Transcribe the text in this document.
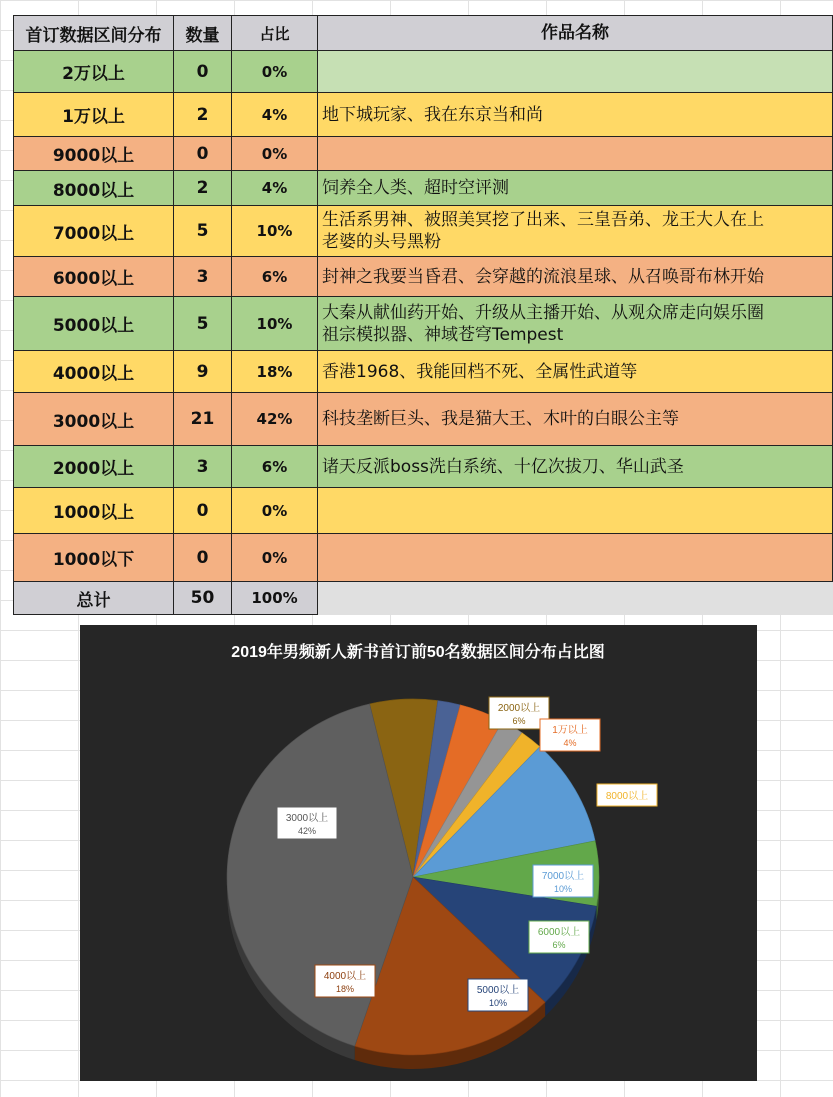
首订数据区间分布	数量	占比	作品名称
2万以上	0	0%	
1万以上	2	4%	地下城玩家、我在东京当和尚
9000以上	0	0%	
8000以上	2	4%	饲养全人类、超时空评测
7000以上	5	10%	生活系男神、被照美冥挖了出来、三皇吾弟、龙王大人在上
老婆的头号黑粉
6000以上	3	6%	封神之我要当昏君、会穿越的流浪星球、从召唤哥布林开始
5000以上	5	10%	大秦从献仙药开始、升级从主播开始、从观众席走向娱乐圈
祖宗模拟器、神域苍穹Tempest
4000以上	9	18%	香港1968、我能回档不死、全属性武道等
3000以上	21	42%	科技垄断巨头、我是猫大王、木叶的白眼公主等
2000以上	3	6%	诸天反派boss洗白系统、十亿次拔刀、华山武圣
1000以上	0	0%	
1000以下	0	0%	
总计	50	100%	
2019年男频新人新书首订前50名数据区间分布占比图
2000以上
6%
1万以上
4%
8000以上
7000以上
10%
6000以上
6%
5000以上
10%
4000以上
18%
3000以上
42%
